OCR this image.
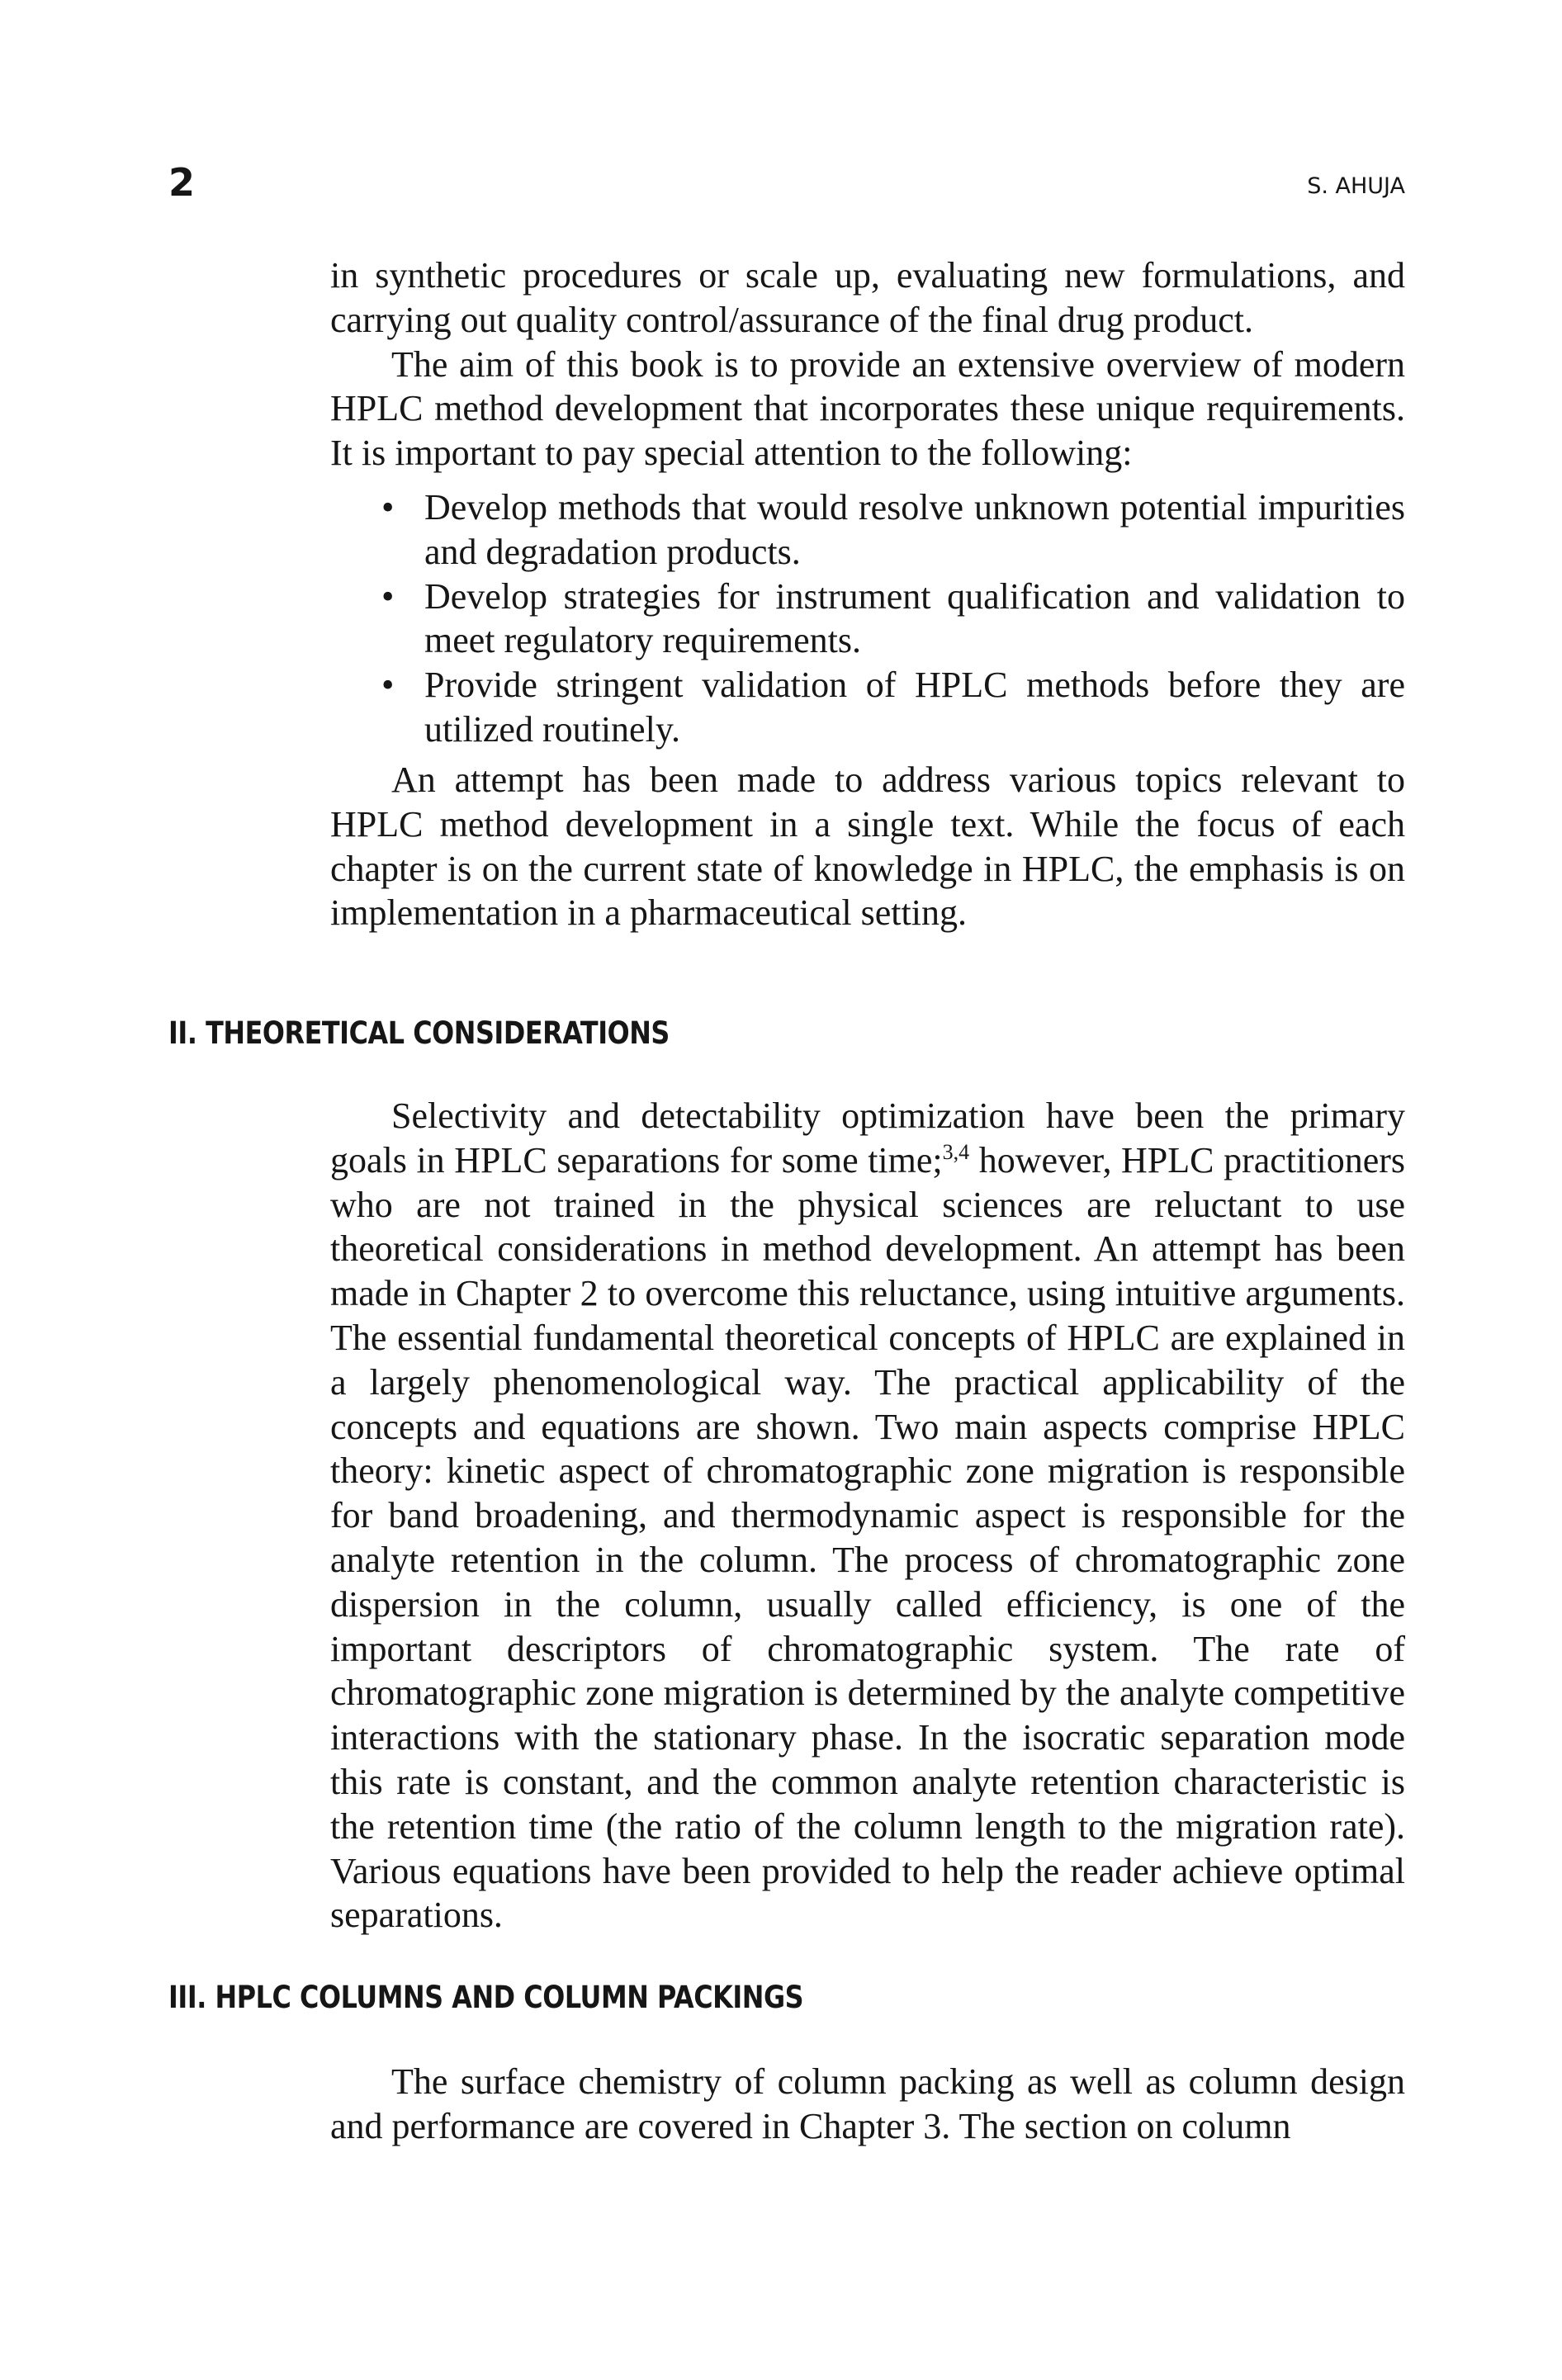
2	S. AHUJA

in synthetic procedures or scale up, evaluating new formulations, and carrying out quality control/assurance of the final drug product.

The aim of this book is to provide an extensive overview of modern HPLC method development that incorporates these unique requirements. It is important to pay special attention to the following:

• Develop methods that would resolve unknown potential impurities and degradation products.
• Develop strategies for instrument qualification and validation to meet regulatory requirements.
• Provide stringent validation of HPLC methods before they are utilized routinely.

An attempt has been made to address various topics relevant to HPLC method development in a single text. While the focus of each chapter is on the current state of knowledge in HPLC, the emphasis is on implementation in a pharmaceutical setting.

II. THEORETICAL CONSIDERATIONS

Selectivity and detectability optimization have been the primary goals in HPLC separations for some time;$^{3,4}$ however, HPLC practitioners who are not trained in the physical sciences are reluctant to use theoretical considerations in method development. An attempt has been made in Chapter 2 to overcome this reluctance, using intuitive arguments. The essential fundamental theoretical concepts of HPLC are explained in a largely phenomenological way. The practical applicability of the concepts and equations are shown. Two main aspects comprise HPLC theory: kinetic aspect of chromatographic zone migration is responsible for band broadening, and thermodynamic aspect is responsible for the analyte retention in the column. The process of chromatographic zone dispersion in the column, usually called efficiency, is one of the important descriptors of chromatographic system. The rate of chromatographic zone migration is determined by the analyte competitive interactions with the stationary phase. In the isocratic separation mode this rate is constant, and the common analyte retention characteristic is the retention time (the ratio of the column length to the migration rate). Various equations have been provided to help the reader achieve optimal separations.

III. HPLC COLUMNS AND COLUMN PACKINGS

The surface chemistry of column packing as well as column design and performance are covered in Chapter 3. The section on column
